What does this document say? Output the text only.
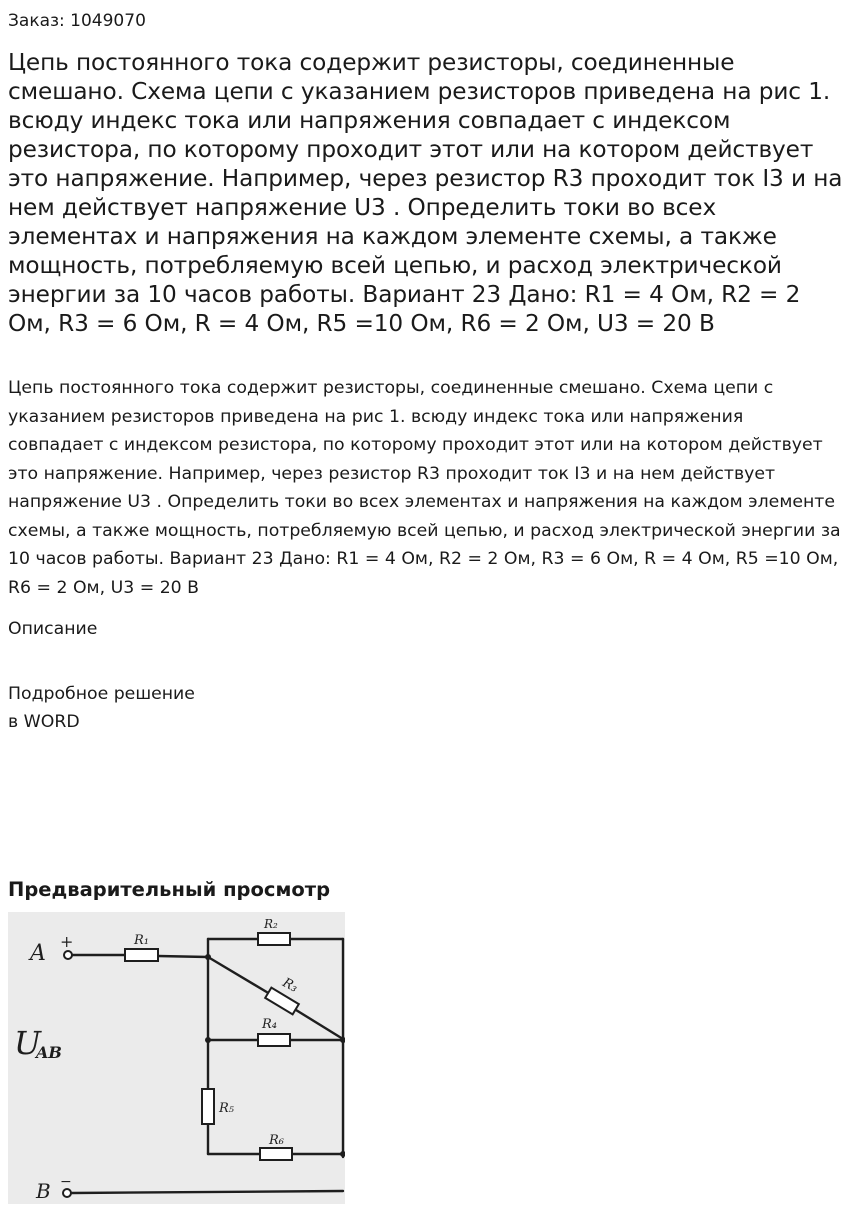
Заказ: 1049070
Цепь постоянного тока содержит резисторы, соединенные смешано. Схема цепи с указанием резисторов приведена на рис 1. всюду индекс тока или напряжения совпадает с индексом резистора, по которому проходит этот или на котором действует это напряжение. Например, через резистор R3 проходит ток I3 и на нем действует напряжение U3 . Определить токи во всех элементах и напряжения на каждом элементе схемы, а также мощность, потребляемую всей цепью, и расход электрической энергии за 10 часов работы. Вариант 23 Дано: R1 = 4 Ом, R2 = 2 Ом, R3 = 6 Ом, R = 4 Ом, R5 =10 Ом, R6 = 2 Ом, U3 = 20 В

Цепь постоянного тока содержит резисторы, соединенные смешано. Схема цепи с указанием резисторов приведена на рис 1. всюду индекс тока или напряжения совпадает с индексом резистора, по которому проходит этот или на котором действует это напряжение. Например, через резистор R3 проходит ток I3 и на нем действует напряжение U3 . Определить токи во всех элементах и напряжения на каждом элементе схемы, а также мощность, потребляемую всей цепью, и расход электрической энергии за 10 часов работы. Вариант 23 Дано: R1 = 4 Ом, R2 = 2 Ом, R3 = 6 Ом, R = 4 Ом, R5 =10 Ом, R6 = 2 Ом, U3 = 20 В

Описание
Подробное решение
в WORD
Предварительный просмотр
A +
B −
U
AB
R₁
R₂
R₃
R₄
R₅
R₆
